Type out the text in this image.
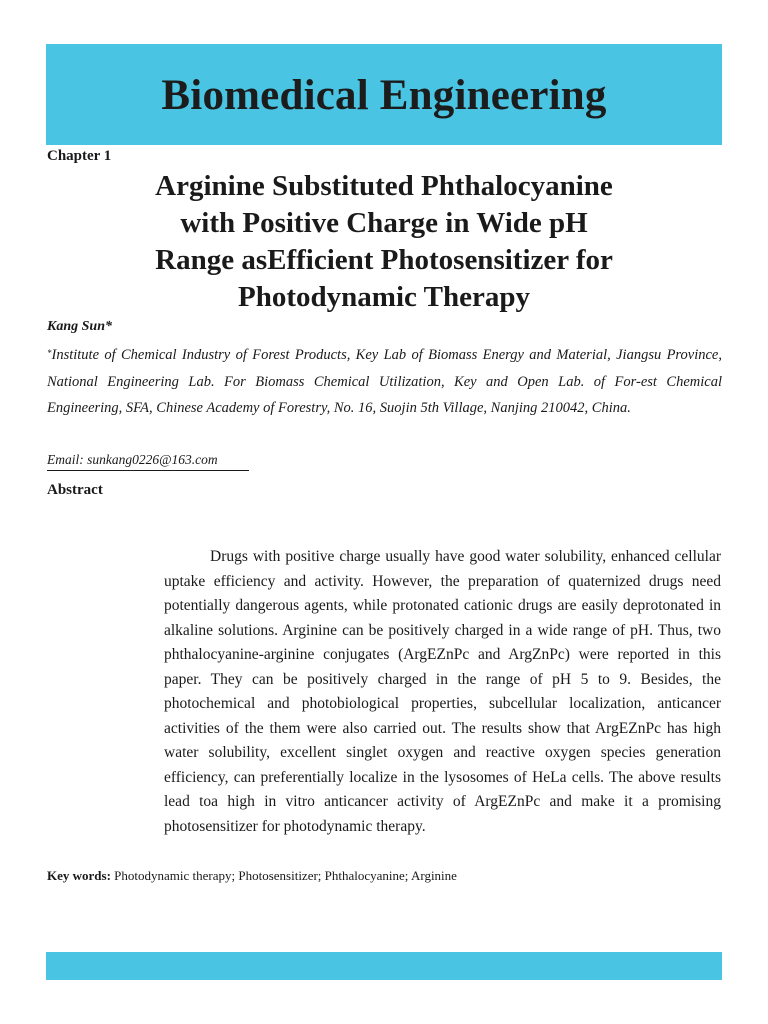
Biomedical Engineering
Chapter 1
Arginine Substituted Phthalocyanine
with Positive Charge in Wide pH
Range asEfficient Photosensitizer for
Photodynamic Therapy
Kang Sun*
*Institute of Chemical Industry of Forest Products, Key Lab of Biomass Energy and Material, Jiangsu Province, National Engineering Lab. For Biomass Chemical Utilization, Key and Open Lab. of For-est Chemical Engineering, SFA, Chinese Academy of Forestry, No. 16, Suojin 5th Village, Nanjing 210042, China.
Email: sunkang0226@163.com
Abstract
Drugs with positive charge usually have good water solubility, enhanced cellular uptake efficiency and activity. However, the preparation of quaternized drugs need potentially dangerous agents, while protonated cationic drugs are easily deprotonated in alkaline solutions. Arginine can be positively charged in a wide range of pH. Thus, two phthalocyanine-arginine conjugates (ArgEZnPc and ArgZnPc) were reported in this paper. They can be positively charged in the range of pH 5 to 9. Besides, the photochemical and photobiological properties, subcellular localization, anticancer activities of the them were also carried out. The results show that ArgEZnPc has high water solubility, excellent singlet oxygen and reactive oxygen species generation efficiency, can preferentially localize in the lysosomes of HeLa cells. The above results lead toa high in vitro anticancer activity of ArgEZnPc and make it a promising photosensitizer for photodynamic therapy.
Key words: Photodynamic therapy; Photosensitizer; Phthalocyanine; Arginine
